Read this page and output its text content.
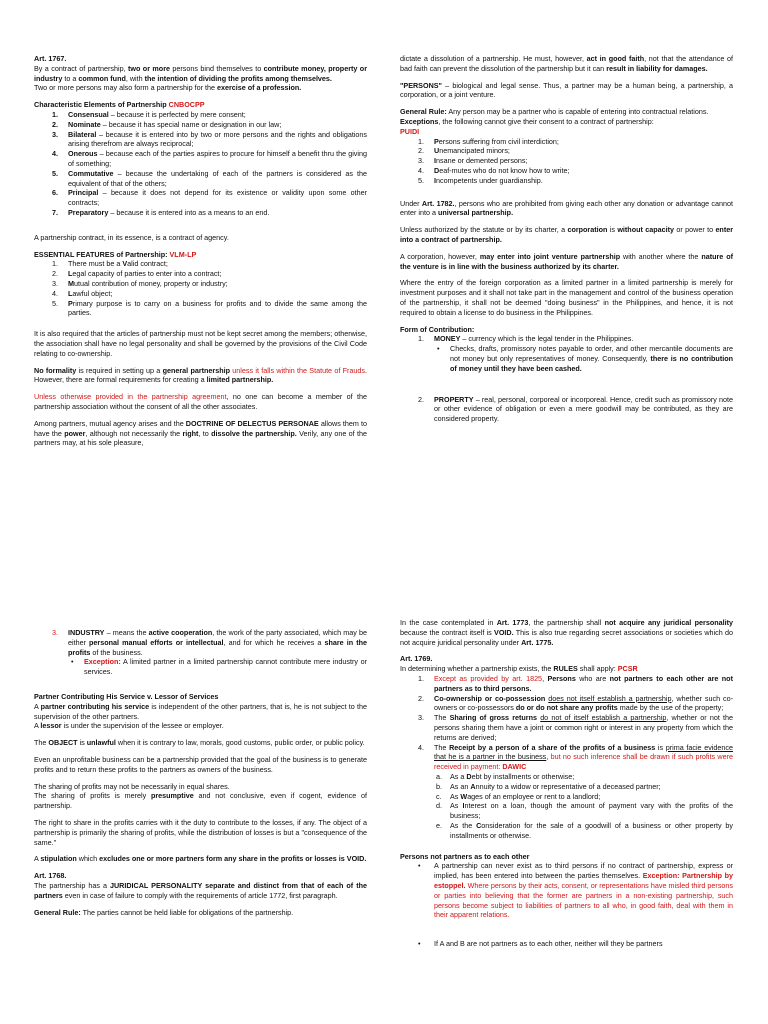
Art. 1767.

By a contract of partnership, two or more persons bind themselves to contribute money, property or industry to a common fund, with the intention of dividing the profits among themselves.

Two or more persons may also form a partnership for the exercise of a profession.

Characteristic Elements of Partnership CNBOCPP

1. Consensual – because it is perfected by mere consent;
2. Nominate – because it has special name or designation in our law;
3. Bilateral – because it is entered into by two or more persons and the rights and obligations arising therefrom are always reciprocal;
4. Onerous – because each of the parties aspires to procure for himself a benefit thru the giving of something;
5. Commutative – because the undertaking of each of the partners is considered as the equivalent of that of the others;
6. Principal – because it does not depend for its existence or validity upon some other contracts;
7. Preparatory – because it is entered into as a means to an end.

A partnership contract, in its essence, is a contract of agency.

ESSENTIAL FEATURES of Partnership: VLM-LP

1. There must be a Valid contract;
2. Legal capacity of parties to enter into a contract;
3. Mutual contribution of money, property or industry;
4. Lawful object;
5. Primary purpose is to carry on a business for profits and to divide the same among the parties.

It is also required that the articles of partnership must not be kept secret among the members; otherwise, the association shall have no legal personality and shall be governed by the provisions of the Civil Code relating to co-ownership.

No formality is required in setting up a general partnership unless it falls within the Statute of Frauds. However, there are formal requirements for creating a limited partnership.

Unless otherwise provided in the partnership agreement, no one can become a member of the partnership association without the consent of all the other associates.

Among partners, mutual agency arises and the DOCTRINE OF DELECTUS PERSONAE allows them to have the power, although not necessarily the right, to dissolve the partnership. Verily, any one of the partners may, at his sole pleasure,

dictate a dissolution of a partnership. He must, however, act in good faith, not that the attendance of bad faith can prevent the dissolution of the partnership but it can result in liability for damages.

"PERSONS" – biological and legal sense. Thus, a partner may be a human being, a partnership, a corporation, or a joint venture.

General Rule: Any person may be a partner who is capable of entering into contractual relations.

Exceptions, the following cannot give their consent to a contract of partnership:

PUIDI

1. Persons suffering from civil interdiction;
2. Unemancipated minors;
3. Insane or demented persons;
4. Deaf-mutes who do not know how to write;
5. Incompetents under guardianship.

Under Art. 1782., persons who are prohibited from giving each other any donation or advantage cannot enter into a universal partnership.

Unless authorized by the statute or by its charter, a corporation is without capacity or power to enter into a contract of partnership.

A corporation, however, may enter into joint venture partnership with another where the nature of the venture is in line with the business authorized by its charter.

Where the entry of the foreign corporation as a limited partner in a limited partnership is merely for investment purposes and it shall not take part in the management and control of the business operation of the partnership, it shall not be deemed "doing business" in the Philippines, and hence, it is not required to obtain a license to do business in the Philippines.

Form of Contribution:

1. MONEY – currency which is the legal tender in the Philippines.
• Checks, drafts, promissory notes payable to order, and other mercantile documents are not money but only representatives of money. Consequently, there is no contribution of money until they have been cashed.
2. PROPERTY – real, personal, corporeal or incorporeal. Hence, credit such as promissory note or other evidence of obligation or even a mere goodwill may be contributed, as they are considered property.
3. INDUSTRY – means the active cooperation, the work of the party associated, which may be either personal manual efforts or intellectual, and for which he receives a share in the profits of the business.
• Exception: A limited partner in a limited partnership cannot contribute mere industry or services.

Partner Contributing His Service v. Lessor of Services

A partner contributing his service is independent of the other partners, that is, he is not subject to the supervision of the other partners.

A lessor is under the supervision of the lessee or employer.

The OBJECT is unlawful when it is contrary to law, morals, good customs, public order, or public policy.

Even an unprofitable business can be a partnership provided that the goal of the business is to generate profits and to return these profits to the partners as owners of the business.

The sharing of profits may not be necessarily in equal shares.

The sharing of profits is merely presumptive and not conclusive, even if cogent, evidence of partnership.

The right to share in the profits carries with it the duty to contribute to the losses, if any. The object of a partnership is primarily the sharing of profits, while the distribution of losses is but a "consequence of the same."

A stipulation which excludes one or more partners form any share in the profits or losses is VOID.

Art. 1768.

The partnership has a JURIDICAL PERSONALITY separate and distinct from that of each of the partners even in case of failure to comply with the requirements of article 1772, first paragraph.

General Rule: The parties cannot be held liable for obligations of the partnership.

In the case contemplated in Art. 1773, the partnership shall not acquire any juridical personality because the contract itself is VOID. This is also true regarding secret associations or societies which do not acquire juridical personality under Art. 1775.

Art. 1769.

In determining whether a partnership exists, the RULES shall apply: PCSR

1. Except as provided by art. 1825, Persons who are not partners to each other are not partners as to third persons.
2. Co-ownership or co-possession does not itself establish a partnership, whether such co-owners or co-possessors do or do not share any profits made by the use of the property;
3. The Sharing of gross returns do not of itself establish a partnership, whether or not the persons sharing them have a joint or common right or interest in any property from which the returns are derived;
4. The Receipt by a person of a share of the profits of a business is prima facie evidence that he is a partner in the business, but no such inference shall be drawn if such profits were received in payment: DAWIC
a. As a Debt by installments or otherwise;
b. As an Annuity to a widow or representative of a deceased partner;
c. As Wages of an employee or rent to a landlord;
d. As Interest on a loan, though the amount of payment vary with the profits of the business;
e. As the Consideration for the sale of a goodwill of a business or other property by installments or otherwise.

Persons not partners as to each other

• A partnership can never exist as to third persons if no contract of partnership, express or implied, has been entered into between the parties themselves. Exception: Partnership by estoppel. Where persons by their acts, consent, or representations have misled third persons or parties into believing that the former are partners in a non-existing partnership, such persons become subject to liabilities of partners to all who, in good faith, deal with them in their apparent relations.
• If A and B are not partners as to each other, neither will they be partners
